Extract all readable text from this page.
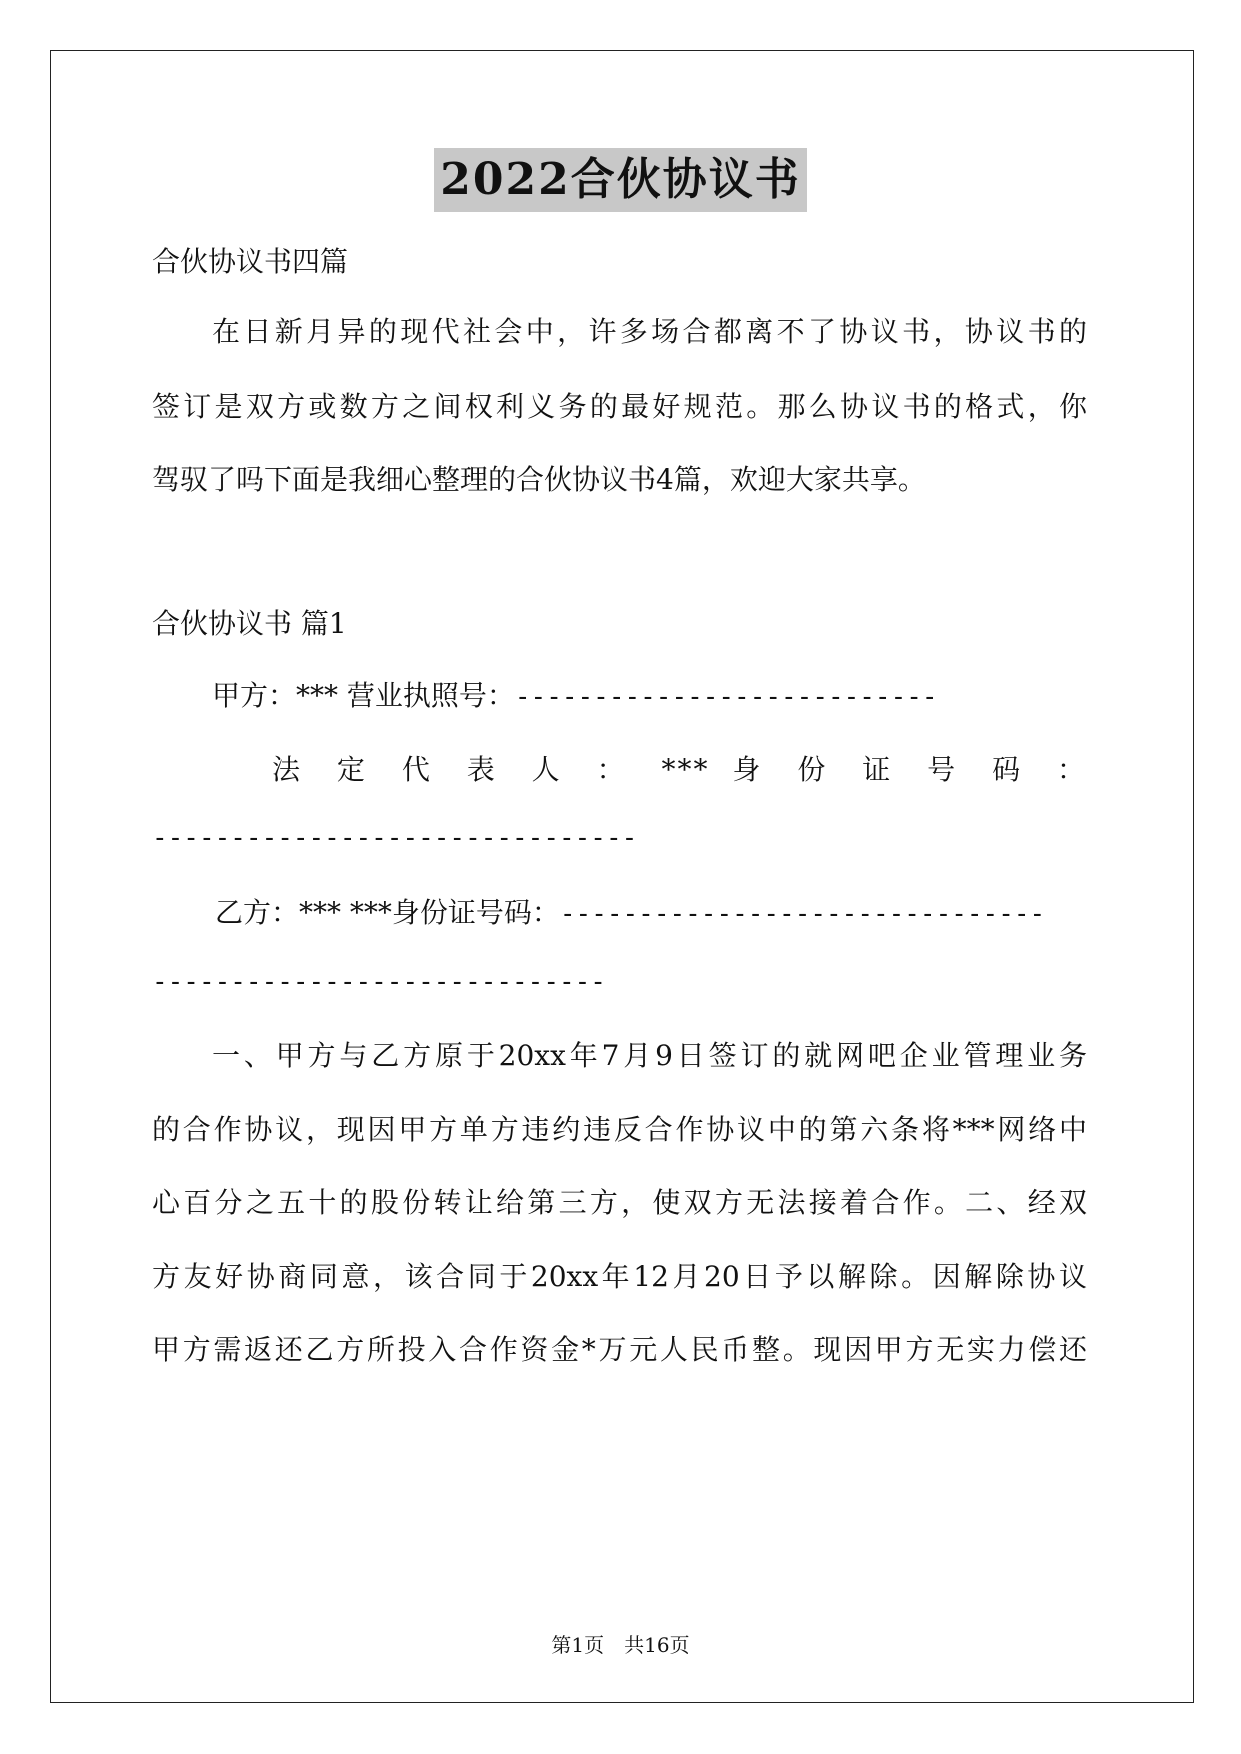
2022合伙协议书
合伙协议书四篇
在日新月异的现代社会中，许多场合都离不了协议书，协议书的
签订是双方或数方之间权利义务的最好规范。那么协议书的格式，你
驾驭了吗下面是我细心整理的合伙协议书4篇，欢迎大家共享。
合伙协议书 篇1
甲方：*** 营业执照号：---------------------------
法 定 代 表 人 ： *** 身 份 证 号 码 ：
-------------------------------
乙方：*** ***身份证号码：-------------------------------
-----------------------------
一、甲方与乙方原于20xx年7月9日签订的就网吧企业管理业务
的合作协议，现因甲方单方违约违反合作协议中的第六条将***网络中
心百分之五十的股份转让给第三方，使双方无法接着合作。二、经双
方友好协商同意，该合同于20xx年12月20日予以解除。因解除协议
甲方需返还乙方所投入合作资金*万元人民币整。现因甲方无实力偿还
第1页　共16页
